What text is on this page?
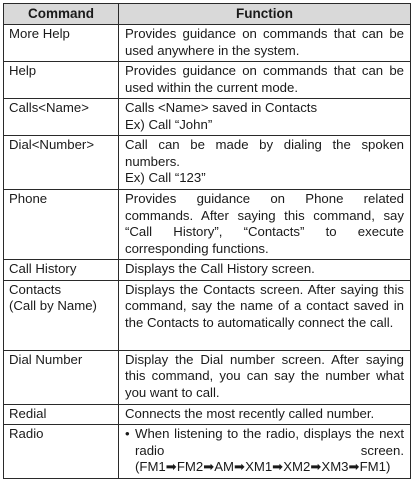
Command	Function
More Help	Provides guidance on commands that can be used anywhere in the system.
Help	Provides guidance on commands that can be used within the current mode.
Calls<Name>	Calls <Name> saved in Contacts
Ex) Call “John”

Dial<Number>	Call can be made by dialing the spoken numbers.
Ex) Call “123”

Phone	Provides guidance on Phone related commands. After saying this command, say “Call History”, “Contacts” to execute corresponding functions.
Call History	Displays the Call History screen.

Contacts
(Call by Name)	Displays the Contacts screen. After saying this command, say the name of a contact saved in the Contacts to automatically connect the call.
Dial Number	Display the Dial number screen. After saying this command, you can say the number what you want to call.
Redial	Connects the most recently called number.
Radio	• When listening to the radio, displays the next radio screen. (FM1➡FM2➡AM➡XM1➡XM2➡XM3➡FM1)
